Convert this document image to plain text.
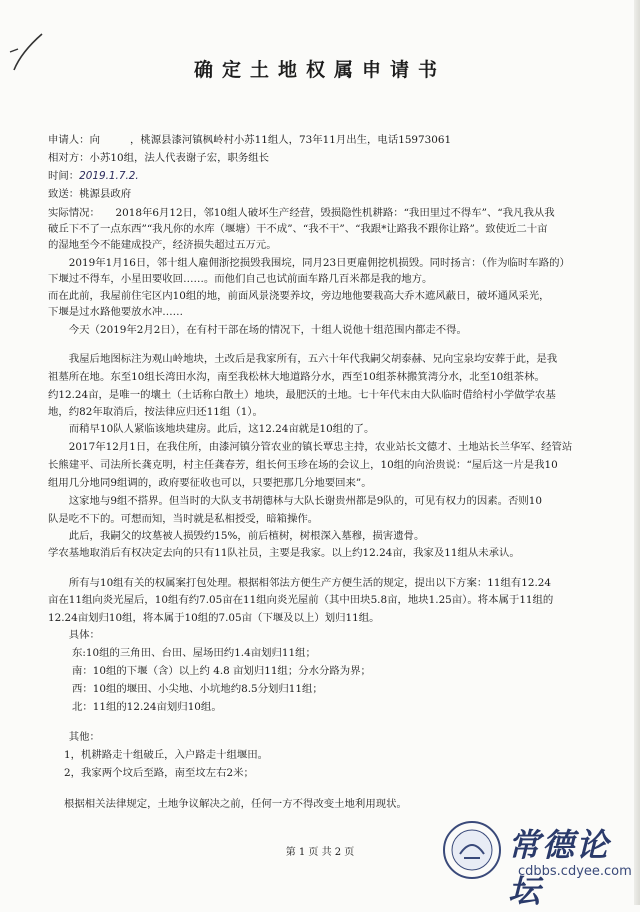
确定土地权属申请书
申请人：向	，桃源县漆河镇枫岭村小苏11组人，73年11月出生，电话15973061
相对方：小苏10组，法人代表谢子宏，职务组长
时间：2019.1.7.2.
致送：桃源县政府
实际情况：　　2018年6月12日，邻10组人破坏生产经营，毁损隐性机耕路：“我田里过不得车”、“我凡我从我
破丘下不了一点东西”“我凡你的水库（堰塘）干不成”、“我不干”、“我跟*让路我不跟你让路”。致使近二十亩
的湿地至今不能建成投产，经济损失超过五万元。
　　2019年1月16日，邻十组人雇佣浙挖损毁我围垸，同月23日更雇佣挖机损毁。同时扬言：（作为临时车路的）
下堰过不得车，小星田要收回……。而他们自己也试前面车路几百米都是我的地方。
而在此前，我屋前住宅区内10组的地，前面风景浇要养坟，旁边地他要栽高大乔木遮风蔽日，破坏通风采光，
下堰是过水路他要放水冲……
　　今天（2019年2月2日），在有村干部在场的情况下，十组人说他十组范围内都走不得。
　　我屋后地图标注为观山岭地块，土改后是我家所有，五六十年代我嗣父胡泰赫、兄向宝泉均安葬于此，是我
祖墓所在地。东至10组长湾田水沟，南至我松林大地道路分水，西至10组茶林搬箕湾分水，北至10组茶林。
约12.24亩，是唯一的壤土（土话称白散土）地块，最肥沃的土地。七十年代末由大队临时借给村小学做学农基
地，约82年取消后，按法律应归还11组（1）。
　　而稍早10队人紧临该地块建房。此后，这12.24亩就是10组的了。
　　2017年12月1日，在我住所，由漆河镇分管农业的镇长覃忠主持，农业站长文德才、土地站长兰华军、经管站
长熊建平、司法所长龚克明，村主任龚春芳，组长何玉珍在场的会议上，10组的向治贵说：“屋后这一片是我10
组用几分地同9组调的，政府要征收也可以，只要把那几分地要回来”。
　　这家地与9组不搭界。但当时的大队支书胡德林与大队长谢贵州都是9队的，可见有权力的因素。否则10
队是吃不下的。可想而知，当时就是私相授受，暗箱操作。
　　此后，我嗣父的坟墓被人损毁约15%，前后植树，树根深入墓穆，损害遗骨。
学农基地取消后有权决定去向的只有11队社员，主要是我家。以上约12.24亩，我家及11组从未承认。
　　所有与10组有关的权属案打包处理。根据相邻法方便生产方便生活的规定，提出以下方案：11组有12.24
亩在11组向炎光屋后，10组有约7.05亩在11组向炎光屋前（其中田块5.8亩，地块1.25亩）。将本属于11组的
12.24亩划归10组，将本属于10组的7.05亩（下堰及以上）划归11组。
　　具体：
东:10组的三角田、台田、屋场田约1.4亩划归11组；
南：10组的下堰（含）以上约 4.8 亩划归11组；分水分路为界；
西：10组的堰田、小尖地、小坑地约8.5分划归11组；
北：11组的12.24亩划归10组。
　　其他：
1，机耕路走十组破丘，入户路走十组堰田。
2，我家两个坟后至路，南至坟左右2米；
根据相关法律规定，土地争议解决之前，任何一方不得改变土地利用现状。
第 1 页 共 2 页	常德论坛
cdbbs.cdyee.com
